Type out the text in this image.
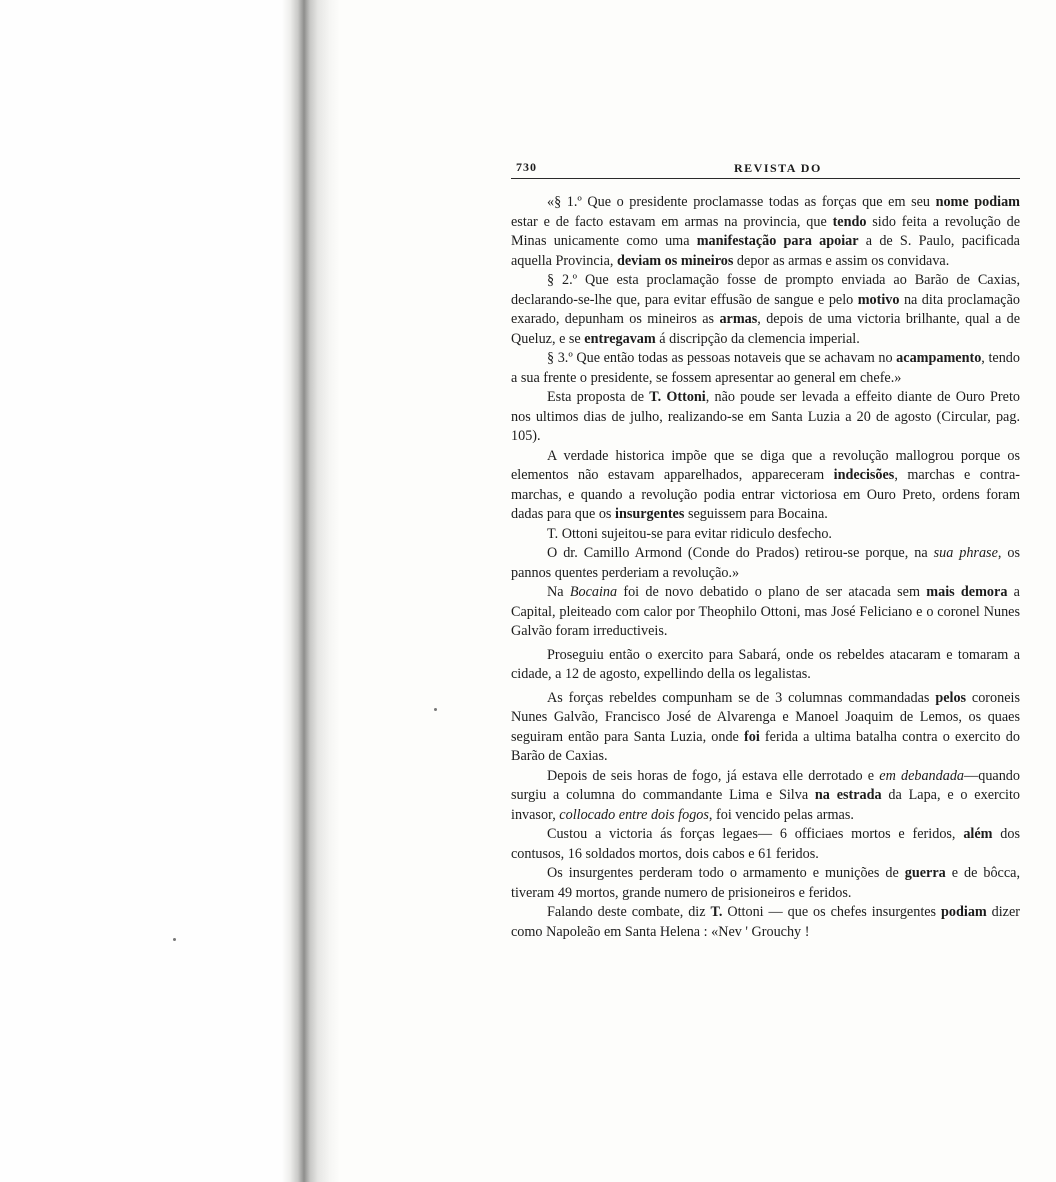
730	REVISTA DO

«§ 1.º Que o presidente proclamasse todas as forças que em seu nome podiam estar e de facto estavam em armas na provincia, que tendo sido feita a revolução de Minas unicamente como uma manifestação para apoiar a de S. Paulo, pacificada aquella Provincia, deviam os mineiros depor as armas e assim os convidava.

§ 2.º Que esta proclamação fosse de prompto enviada ao Barão de Caxias, declarando-se-lhe que, para evitar effusão de sangue e pelo motivo na dita proclamação exarado, depunham os mineiros as armas, depois de uma victoria brilhante, qual a de Queluz, e se entregavam á discripção da clemencia imperial.

§ 3.º Que então todas as pessoas notaveis que se achavam no acampamento, tendo a sua frente o presidente, se fossem apresentar ao general em chefe.»

Esta proposta de T. Ottoni, não poude ser levada a effeito diante de Ouro Preto nos ultimos dias de julho, realizando-se em Santa Luzia a 20 de agosto (Circular, pag. 105).

A verdade historica impõe que se diga que a revolução mallogrou porque os elementos não estavam apparelhados, appareceram indecisões, marchas e contra-marchas, e quando a revolução podia entrar victoriosa em Ouro Preto, ordens foram dadas para que os insurgentes seguissem para Bocaina.

T. Ottoni sujeitou-se para evitar ridiculo desfecho.

O dr. Camillo Armond (Conde do Prados) retirou-se porque, na sua phrase, os pannos quentes perderiam a revolução.»

Na Bocaina foi de novo debatido o plano de ser atacada sem mais demora a Capital, pleiteado com calor por Theophilo Ottoni, mas José Feliciano e o coronel Nunes Galvão foram irreductiveis.

Proseguiu então o exercito para Sabará, onde os rebeldes atacaram e tomaram a cidade, a 12 de agosto, expellindo della os legalistas.

As forças rebeldes compunham se de 3 columnas commandadas pelos coroneis Nunes Galvão, Francisco José de Alvarenga e Manoel Joaquim de Lemos, os quaes seguiram então para Santa Luzia, onde foi ferida a ultima batalha contra o exercito do Barão de Caxias.

Depois de seis horas de fogo, já estava elle derrotado e em debandada—quando surgiu a columna do commandante Lima e Silva na estrada da Lapa, e o exercito invasor, collocado entre dois fogos, foi vencido pelas armas.

Custou a victoria ás forças legaes— 6 officiaes mortos e feridos, além dos contusos, 16 soldados mortos, dois cabos e 61 feridos.

Os insurgentes perderam todo o armamento e munições de guerra e de bôcca, tiveram 49 mortos, grande numero de prisioneiros e feridos.

Falando deste combate, diz T. Ottoni — que os chefes insurgentes podiam dizer como Napoleão em Santa Helena : «Nev ' Grouchy !
